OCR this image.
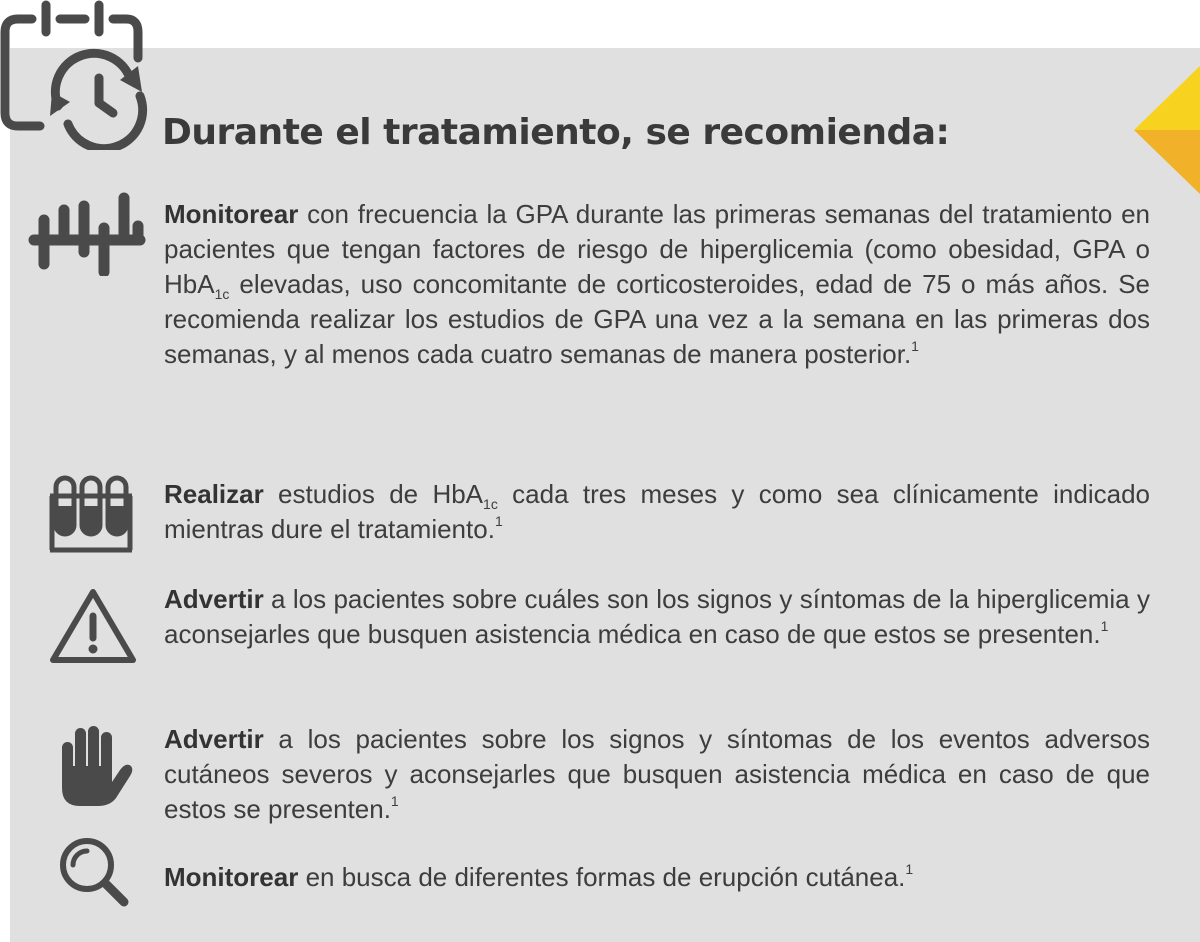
Durante el tratamiento, se recomienda:

Monitorear con frecuencia la GPA durante las primeras semanas del tratamiento en pacientes que tengan factores de riesgo de hiperglicemia (como obesidad, GPA o HbA$_{1c}$ elevadas, uso concomitante de corticosteroides, edad de 75 o más años. Se recomienda realizar los estudios de GPA una vez a la semana en las primeras dos semanas, y al menos cada cuatro semanas de manera posterior.$^1$

Realizar estudios de HbA$_{1c}$ cada tres meses y como sea clínicamente indicado mientras dure el tratamiento.$^1$

Advertir a los pacientes sobre cuáles son los signos y síntomas de la hiperglicemia y aconsejarles que busquen asistencia médica en caso de que estos se presenten.$^1$

Advertir a los pacientes sobre los signos y síntomas de los eventos adversos cutáneos severos y aconsejarles que busquen asistencia médica en caso de que estos se presenten.$^1$

Monitorear en busca de diferentes formas de erupción cutánea.$^1$
